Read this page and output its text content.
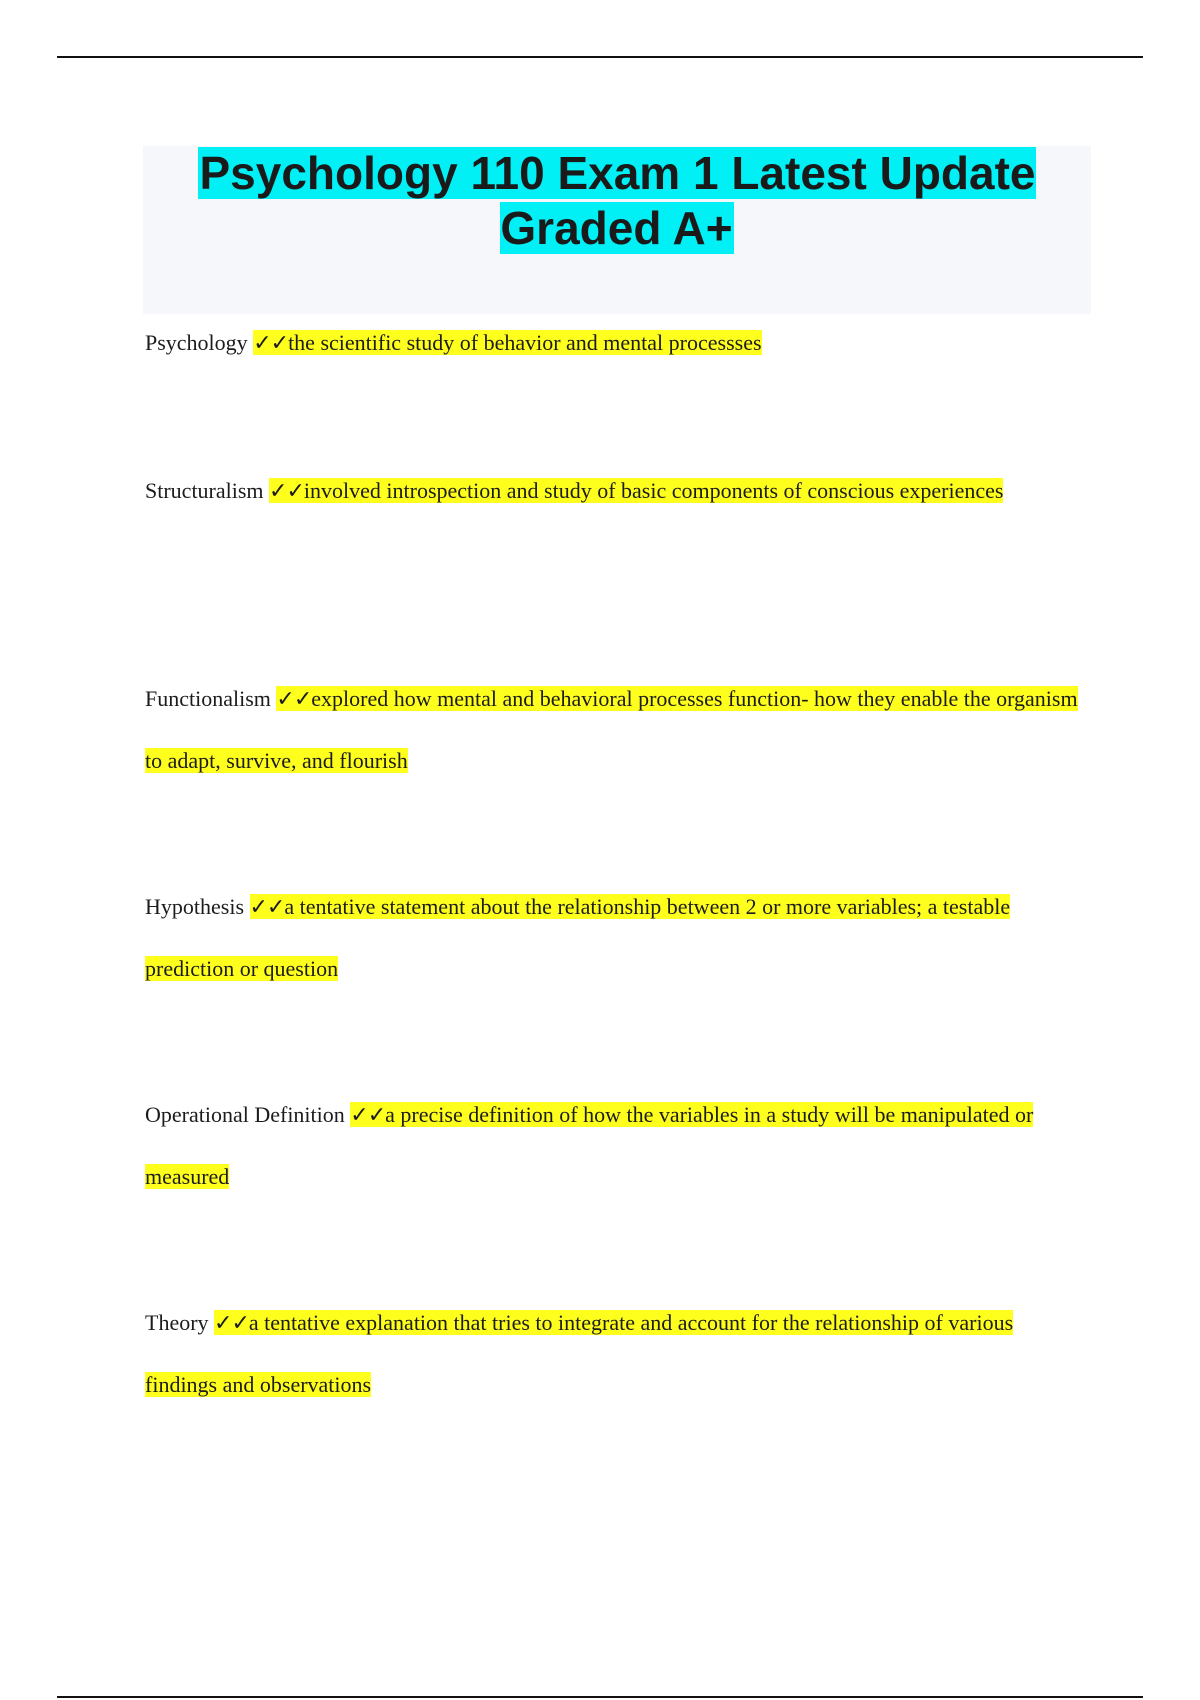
Psychology 110 Exam 1 Latest Update Graded A+
Psychology ✓✓the scientific study of behavior and mental processses
Structuralism ✓✓involved introspection and study of basic components of conscious experiences
Functionalism ✓✓explored how mental and behavioral processes function- how they enable the organism to adapt, survive, and flourish
Hypothesis ✓✓a tentative statement about the relationship between 2 or more variables; a testable prediction or question
Operational Definition ✓✓a precise definition of how the variables in a study will be manipulated or measured
Theory ✓✓a tentative explanation that tries to integrate and account for the relationship of various findings and observations
